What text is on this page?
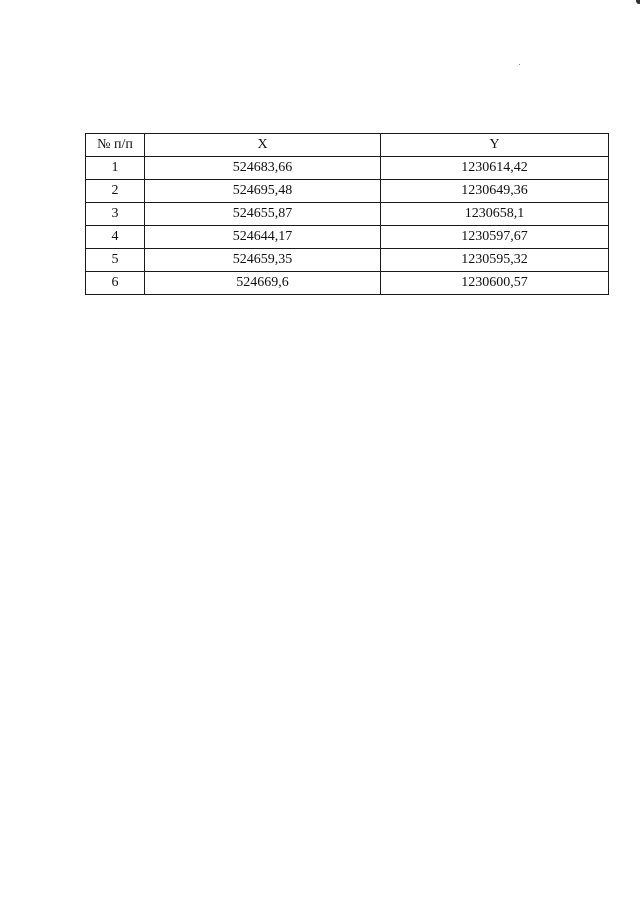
№ п/п	X	Y
1	524683,66	1230614,42
2	524695,48	1230649,36
3	524655,87	1230658,1
4	524644,17	1230597,67
5	524659,35	1230595,32
6	524669,6	1230600,57
